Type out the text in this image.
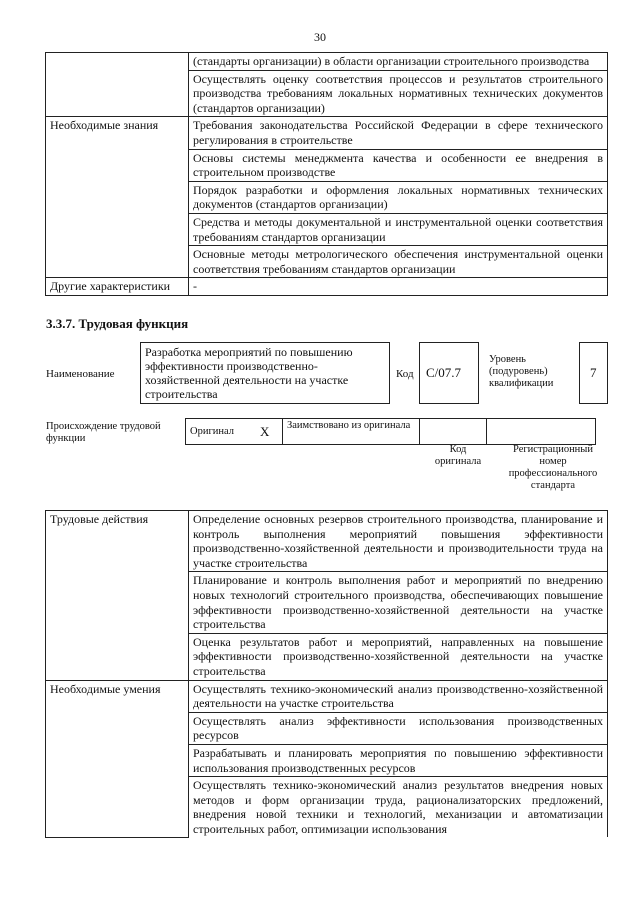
30
	(стандарты организации) в области организации строительного производства
	Осуществлять оценку соответствия процессов и результатов строительного производства требованиям локальных нормативных технических документов (стандартов организации)
Необходимые знания	Требования законодательства Российской Федерации в сфере технического регулирования в строительстве
	Основы системы менеджмента качества и особенности ее внедрения в строительном производстве
	Порядок разработки и оформления локальных нормативных технических документов (стандартов организации)
	Средства и методы документальной и инструментальной оценки соответствия требованиям стандартов организации
	Основные методы метрологического обеспечения инструментальной оценки соответствия требованиям стандартов организации
Другие характеристики	-
3.3.7. Трудовая функция
Наименование
Разработка мероприятий по повышению эффективности производственно-хозяйственной деятельности на участке строительства
Код С/07.7
Уровень (подуровень) квалификации
7
Происхождение трудовой функции
Оригинал	X	Заимствовано из оригинала		
Код оригинала
Регистрационный номер профессионального стандарта
Трудовые действия	Определение основных резервов строительного производства, планирование и контроль выполнения мероприятий повышения эффективности производственно-хозяйственной деятельности и производительности труда на участке строительства
	Планирование и контроль выполнения работ и мероприятий по внедрению новых технологий строительного производства, обеспечивающих повышение эффективности производственно-хозяйственной деятельности на участке строительства
	Оценка результатов работ и мероприятий, направленных на повышение эффективности производственно-хозяйственной деятельности на участке строительства
Необходимые умения	Осуществлять технико-экономический анализ производственно-хозяйственной деятельности на участке строительства
	Осуществлять анализ эффективности использования производственных ресурсов
	Разрабатывать и планировать мероприятия по повышению эффективности использования производственных ресурсов
	Осуществлять технико-экономический анализ результатов внедрения новых методов и форм организации труда, рационализаторских предложений, внедрения новой техники и технологий, механизации и автоматизации строительных работ, оптимизации использования
